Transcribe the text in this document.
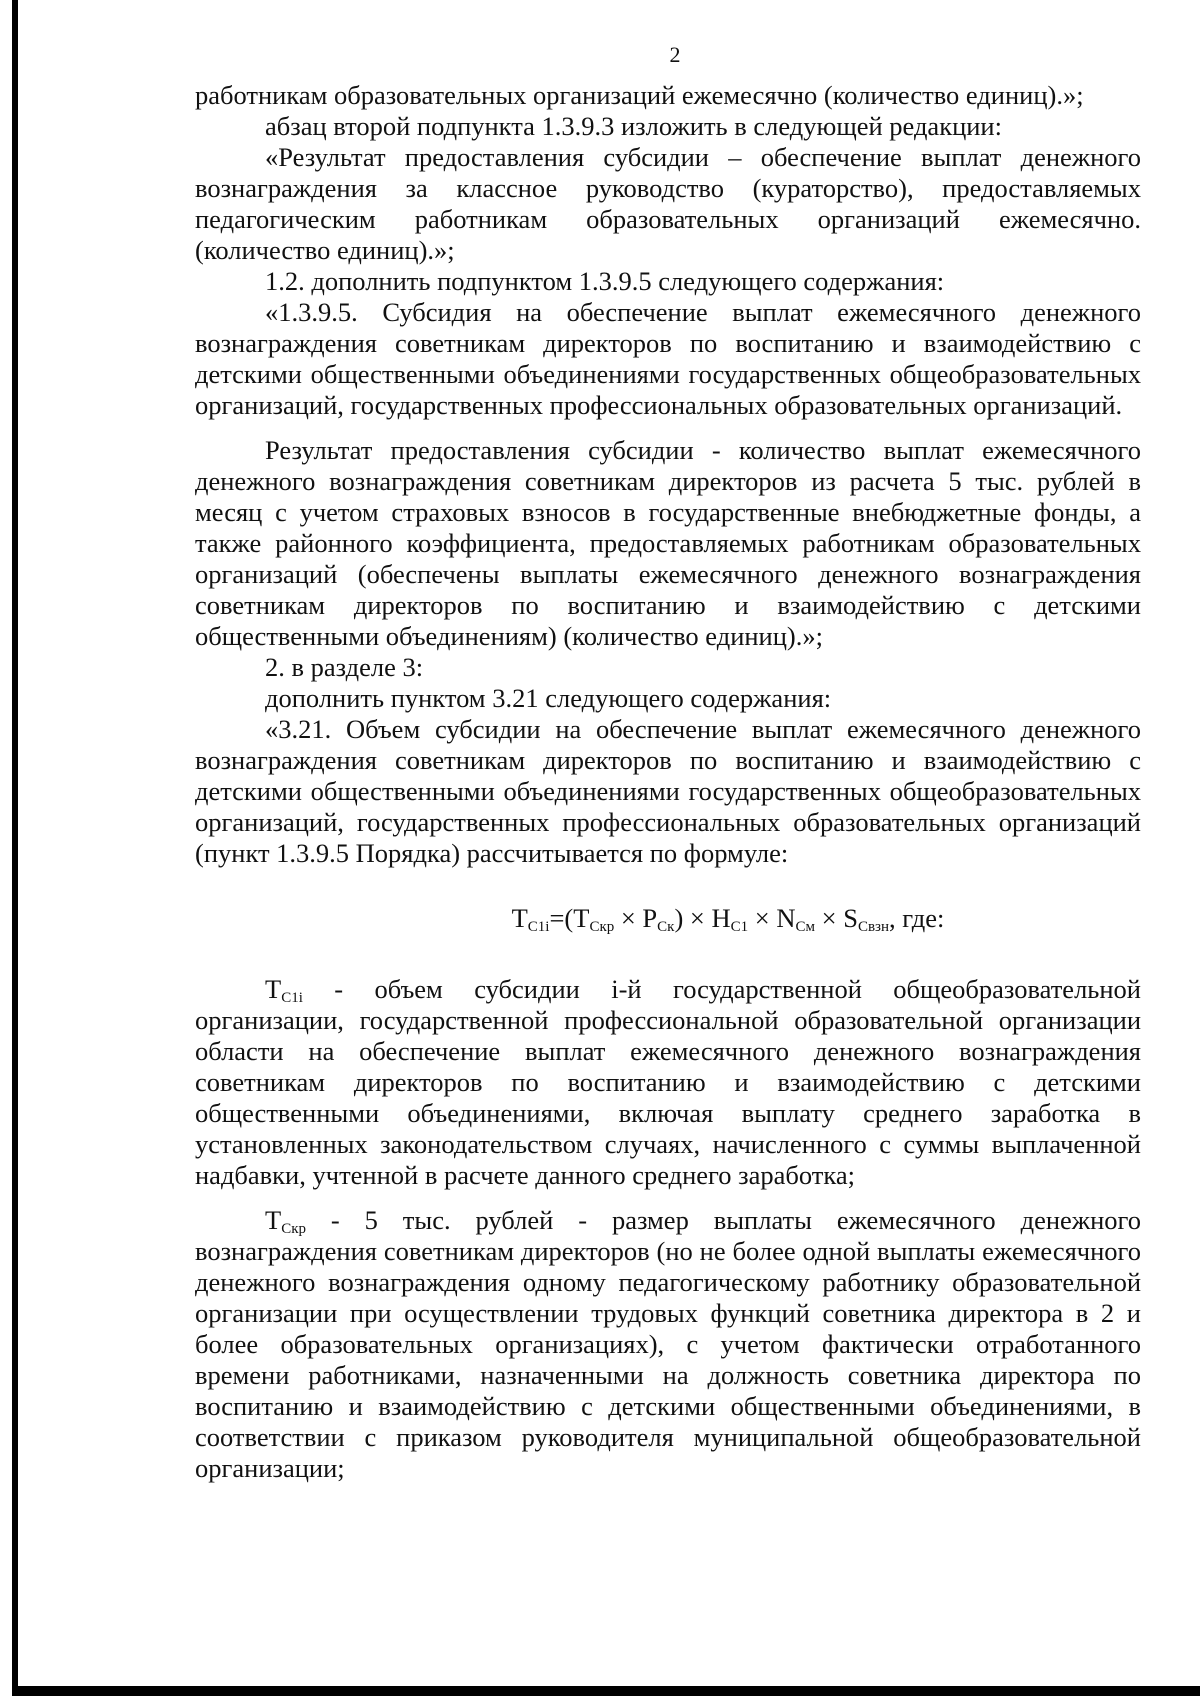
2

работникам образовательных организаций ежемесячно (количество единиц).»;

абзац второй подпункта 1.3.9.3 изложить в следующей редакции:

«Результат предоставления субсидии – обеспечение выплат денежного вознаграждения за классное руководство (кураторство), предоставляемых педагогическим работникам образовательных организаций ежемесячно. (количество единиц).»;

1.2. дополнить подпунктом 1.3.9.5 следующего содержания:

«1.3.9.5. Субсидия на обеспечение выплат ежемесячного денежного вознаграждения советникам директоров по воспитанию и взаимодействию с детскими общественными объединениями государственных общеобразовательных организаций, государственных профессиональных образовательных организаций.

Результат предоставления субсидии - количество выплат ежемесячного денежного вознаграждения советникам директоров из расчета 5 тыс. рублей в месяц с учетом страховых взносов в государственные внебюджетные фонды, а также районного коэффициента, предоставляемых работникам образовательных организаций (обеспечены выплаты ежемесячного денежного вознаграждения советникам директоров по воспитанию и взаимодействию с детскими общественными объединениям) (количество единиц).»;

2. в разделе 3:

дополнить пунктом 3.21 следующего содержания:

«3.21. Объем субсидии на обеспечение выплат ежемесячного денежного вознаграждения советникам директоров по воспитанию и взаимодействию с детскими общественными объединениями государственных общеобразовательных организаций, государственных профессиональных образовательных организаций (пункт 1.3.9.5 Порядка) рассчитывается по формуле:

$T_{C1i}=(T_{Скр} \times P_{Ск}) \times H_{C1} \times N_{См} \times S_{Свзн}$, где:

$T_{C1i}$ - объем субсидии i-й государственной общеобразовательной организации, государственной профессиональной образовательной организации области на обеспечение выплат ежемесячного денежного вознаграждения советникам директоров по воспитанию и взаимодействию с детскими общественными объединениями, включая выплату среднего заработка в установленных законодательством случаях, начисленного с суммы выплаченной надбавки, учтенной в расчете данного среднего заработка;

$T_{Скр} - 5$ тыс. рублей - размер выплаты ежемесячного денежного вознаграждения советникам директоров (но не более одной выплаты ежемесячного денежного вознаграждения одному педагогическому работнику образовательной организации при осуществлении трудовых функций советника директора в 2 и более образовательных организациях), с учетом фактически отработанного времени работниками, назначенными на должность советника директора по воспитанию и взаимодействию с детскими общественными объединениями, в соответствии с приказом руководителя муниципальной общеобразовательной организации;
